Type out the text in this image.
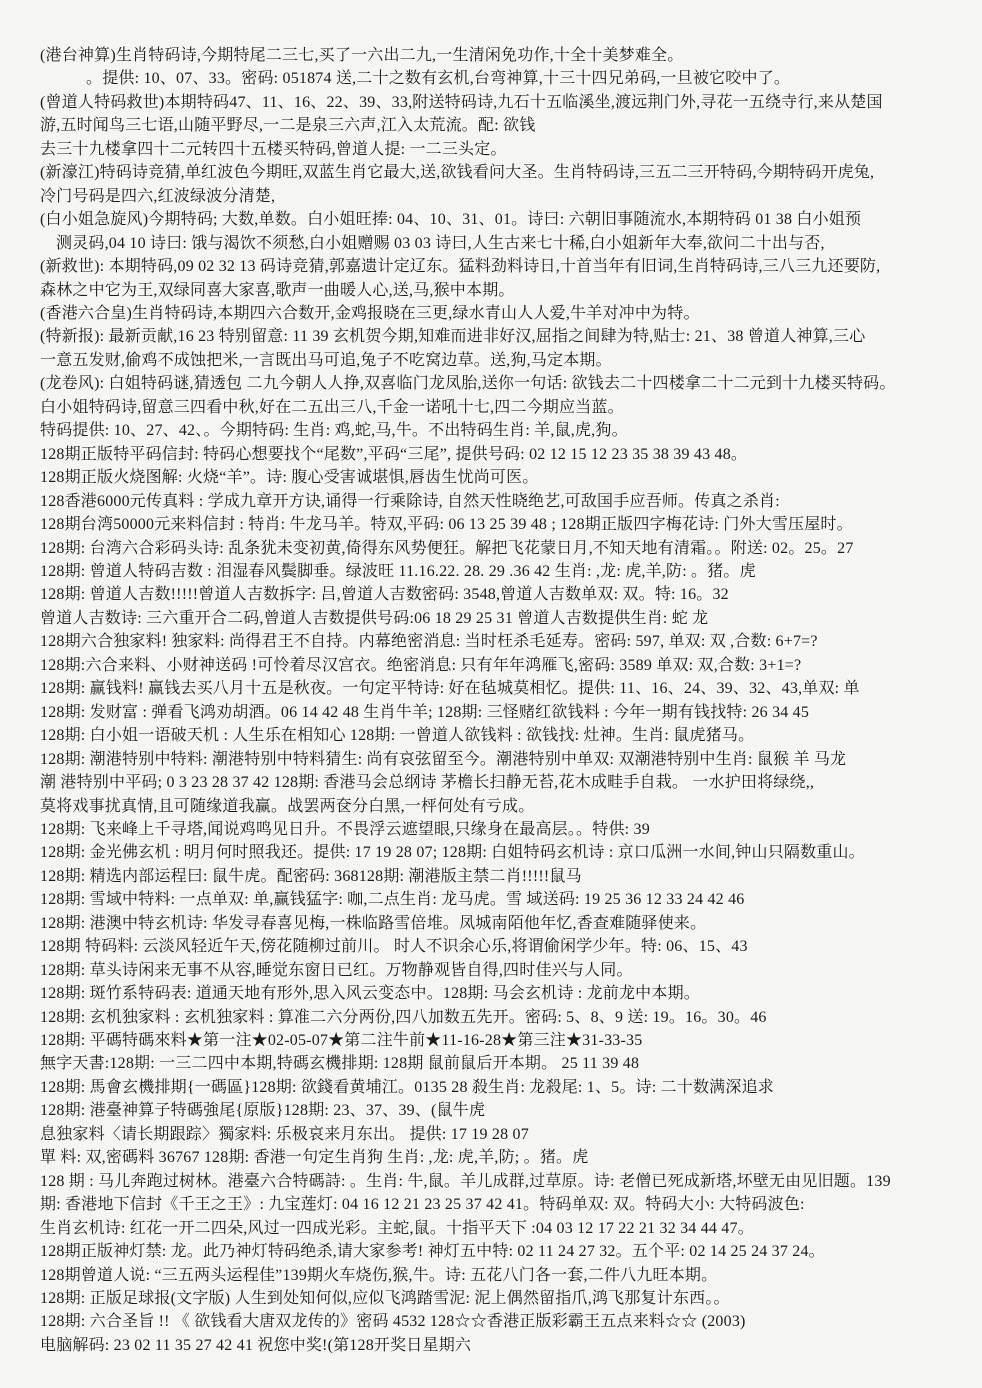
(港台神算)生肖特码诗,今期特尾二三七,买了一六出二九,一生清闲免功作,十全十美梦难全。
。提供: 10、07、33。密码: 051874 送,二十之数有玄机,台弯神算,十三十四兄弟码,一旦被它咬中了。
(曾道人特码救世)本期特码47、11、16、22、39、33,附送特码诗,九石十五临溪坐,渡远荆门外,寻花一五绕寺行,来从楚国
游,五时闻鸟三七语,山随平野尽,一二是泉三六声,江入太荒流。配: 欲钱
去三十九楼拿四十二元转四十五楼买特码,曾道人提: 一二三头定。
(新濠江)特码诗竞猜,单红波色今期旺,双蓝生肖它最大,送,欲钱看问大圣。生肖特码诗,三五二三开特码,今期特码开虎兔,
冷门号码是四六,红波绿波分清楚,
(白小姐急旋风)今期特码; 大数,单数。白小姐旺捧: 04、10、31、01。诗曰: 六朝旧事随流水,本期特码 01 38 白小姐预
测灵码,04 10 诗曰: 饿与渴饮不须愁,白小姐赠赐 03 03 诗曰,人生古来七十稀,白小姐新年大奉,欲问二十出与否,
(新救世): 本期特码,09 02 32 13 码诗竞猜,郭嘉遗计定辽东。猛料劲料诗日,十首当年有旧词,生肖特码诗,三八三九还要防,
森林之中它为王,双绿同喜大家喜,歌声一曲暖人心,送,马,猴中本期。
(香港六合皇)生肖特码诗,本期四六合数开,金鸡报晓在三更,绿水青山人人爱,牛羊对冲中为特。
(特新报): 最新贡献,16 23 特别留意: 11 39 玄机贺今期,知难而进非好汉,屈指之间肆为特,贴士: 21、38 曾道人神算,三心
一意五发财,偷鸡不成蚀把米,一言既出马可追,兔子不吃窝边草。送,狗,马定本期。
(龙卷风): 白姐特码谜,猜透包 二九今朝人人挣,双喜临门龙凤胎,送你一句话: 欲钱去二十四楼拿二十二元到十九楼买特码。
白小姐特码诗,留意三四看中秋,好在二五出三八,千金一诺吼十七,四二今期应当蓝。
特码提供: 10、27、42、。今期特码: 生肖: 鸡,蛇,马,牛。不出特码生肖: 羊,鼠,虎,狗。
128期正版特平码信封: 特码心想要找个“尾数”,平码“三尾”, 提供号码: 02 12 15 12 23 35 38 39 43 48。
128期正版火烧图解: 火烧“羊”。诗: 腹心受害诚堪惧,唇齿生忧尚可医。
128香港6000元传真料 : 学成九章开方诀,诵得一行乘除诗, 自然天性晓绝艺,可敌国手应吾师。传真之杀肖:
128期台湾50000元来料信封 : 特肖: 牛龙马羊。特双,平码: 06 13 25 39 48 ; 128期正版四字梅花诗: 门外大雪压屋时。
128期: 台湾六合彩码头诗: 乱条犹未变初黄,倚得东风势便狂。解把飞花蒙日月,不知天地有清霜。。附送: 02。25。27
128期: 曾道人特码吉数 : 泪湿春风鬓脚垂。绿波旺 11.16.22. 28. 29 .36 42 生肖: ,龙: 虎,羊,防: 。猪。虎
128期: 曾道人吉数!!!!!曾道人吉数拆字: 吕,曾道人吉数密码: 3548,曾道人吉数单双: 双。特: 16。32
曾道人吉数诗: 三六重开合二码,曾道人吉数提供号码:06 18 29 25 31 曾道人吉数提供生肖: 蛇 龙
128期六合独家料! 独家料: 尚得君王不自持。内幕绝密消息: 当时枉杀毛延寿。密码: 597, 单双: 双 ,合数: 6+7=?
128期:六合来料、小财神送码 !可怜着尽汉宫衣。绝密消息: 只有年年鸿雁飞,密码: 3589 单双: 双,合数: 3+1=?
128期: 赢钱料! 赢钱去买八月十五是秋夜。一句定平特诗: 好在毡城莫相忆。提供: 11、16、24、39、32、43,单双: 单
128期: 发财富 : 弹看飞鸿劝胡酒。06 14 42 48 生肖牛羊; 128期: 三怪赌红欲钱料 : 今年一期有钱找特: 26 34 45
128期: 白小姐一语破天机 : 人生乐在相知心 128期: 一曾道人欲钱料 : 欲钱找: 灶神。生肖: 鼠虎猪马。
128期: 潮港特别中特料: 潮港特别中特料猜生: 尚有哀弦留至今。潮港特别中单双: 双潮港特别中生肖: 鼠猴 羊 马龙
潮 港特别中平码; 0 3 23 28 37 42 128期: 香港马会总纲诗 茅檐长扫静无苔,花木成畦手自栽。 一水护田将绿绕,,
莫将戏事扰真情,且可随缘道我赢。战罢两奁分白黑,一枰何处有亏成。
128期: 飞来峰上千寻塔,闻说鸡鸣见日升。不畏浮云遮望眼,只缘身在最高层。。特供: 39
128期: 金光佛玄机 : 明月何时照我还。提供: 17 19 28 07; 128期: 白姐特码玄机诗 : 京口瓜洲一水间,钟山只隔数重山。
128期: 精选内部运程曰: 鼠牛虎。配密码: 368128期: 潮港版主禁二肖!!!!!鼠马
128期: 雪域中特料: 一点单双: 单,赢钱猛字: 咖,二点生肖: 龙马虎。雪 域送码: 19 25 36 12 33 24 42 46
128期: 港澳中特玄机诗: 华发寻春喜见梅,一株临路雪倍堆。凤城南陌他年忆,香查难随驿使来。
128期 特码料: 云淡风轻近午天,傍花随柳过前川。 时人不识余心乐,将谓偷闲学少年。特: 06、15、43
128期: 草头诗闲来无事不从容,睡觉东窗日已红。万物静观皆自得,四时佳兴与人同。
128期: 斑竹系特码表: 道通天地有形外,思入风云变态中。128期: 马会玄机诗 : 龙前龙中本期。
128期: 玄机独家料 : 玄机独家料 : 算准二六分两份,四八加数五先开。密码: 5、8、9 送: 19。16。30。46
128期: 平碼特碼來料★第一注★02-05-07★第二注牛前★11-16-28★第三注★31-33-35
無字天書:128期: 一三二四中本期,特碼玄機排期: 128期 鼠前鼠后开本期。 25 11 39 48
128期: 馬會玄機排期{一碼區}128期: 欲錢看黄埔江。0135 28 殺生肖: 龙殺尾: 1、5。诗: 二十数满深追求
128期: 港臺神算子特碼強尾{原版}128期: 23、37、39、(鼠牛虎
息独家料〈请长期跟踪〉獨家料: 乐极哀来月东出。 提供: 17 19 28 07
單 料: 双,密碼料 36767 128期: 香港一句定生肖狗 生肖: ,龙: 虎,羊,防; 。猪。虎
128 期 : 马儿奔跑过树林。港臺六合特碼詩: 。生肖: 牛,鼠。羊儿成群,过草原。诗: 老僧已死成新塔,坏壁无由见旧题。139
期: 香港地下信封《千王之王》: 九宝莲灯: 04 16 12 21 23 25 37 42 41。特码单双: 双。特码大小: 大特码波色:
生肖玄机诗: 红花一开二四朵,风过一四成光彩。主蛇,鼠。十指平天下 :04 03 12 17 22 21 32 34 44 47。
128期正版神灯禁: 龙。此乃神灯特码绝杀,请大家参考! 神灯五中特: 02 11 24 27 32。五个平: 02 14 25 24 37 24。
128期曾道人说: “三五两头运程佳”139期火车烧伤,猴,牛。诗: 五花八门各一套,二件八九旺本期。
128期: 正版足球报(文字版) 人生到处知何似,应似飞鸿踏雪泥: 泥上偶然留指爪,鸿飞那复计东西。。
128期: 六合圣旨 !! 《 欲钱看大唐双龙传的》密码 4532 128☆☆香港正版彩霸王五点来料☆☆ (2003)
电脑解码: 23 02 11 35 27 42 41 祝您中奖!(第128开奖日星期六
